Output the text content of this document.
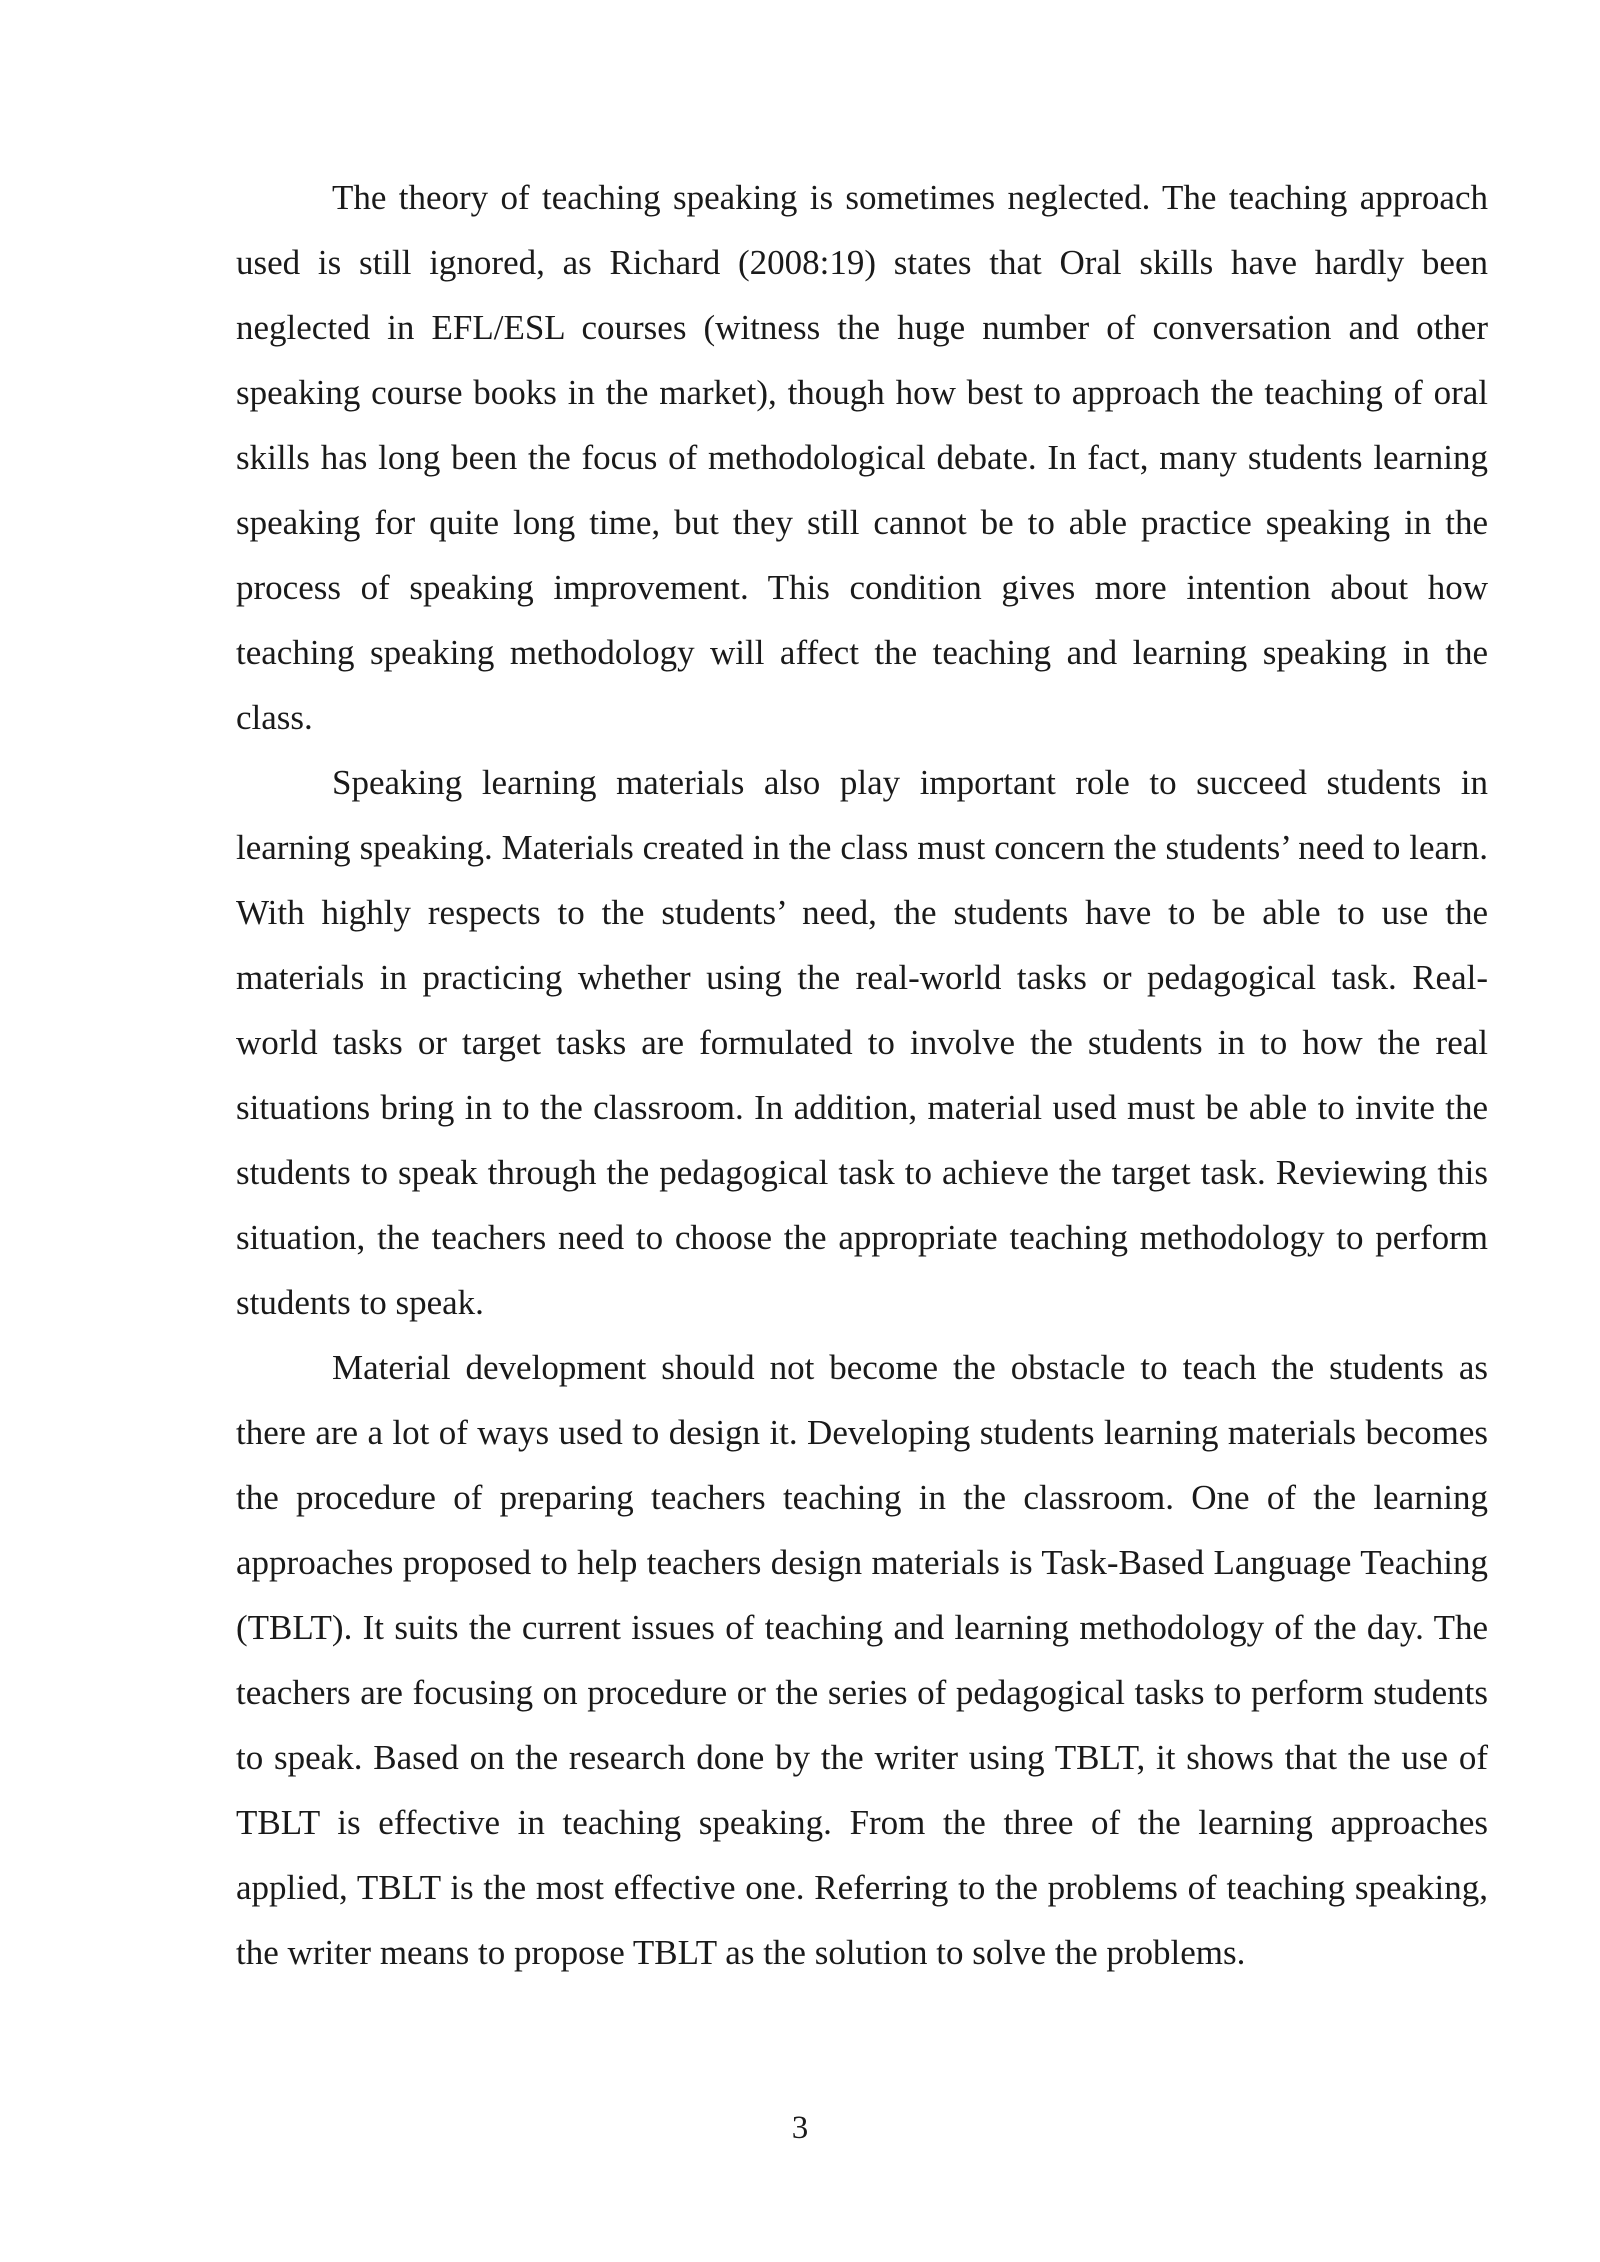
The theory of teaching speaking is sometimes neglected. The teaching approach used is still ignored, as Richard (2008:19) states that Oral skills have hardly been neglected in EFL/ESL courses (witness the huge number of conversation and other speaking course books in the market), though how best to approach the teaching of oral skills has long been the focus of methodological debate. In fact, many students learning speaking for quite long time, but they still cannot be to able practice speaking in the process of speaking improvement. This condition gives more intention about how teaching speaking methodology will affect the teaching and learning speaking in the class.

Speaking learning materials also play important role to succeed students in learning speaking. Materials created in the class must concern the students’ need to learn. With highly respects to the students’ need, the students have to be able to use the materials in practicing whether using the real-world tasks or pedagogical task. Real-world tasks or target tasks are formulated to involve the students in to how the real situations bring in to the classroom. In addition, material used must be able to invite the students to speak through the pedagogical task to achieve the target task. Reviewing this situation, the teachers need to choose the appropriate teaching methodology to perform students to speak.

Material development should not become the obstacle to teach the students as there are a lot of ways used to design it. Developing students learning materials becomes the procedure of preparing teachers teaching in the classroom. One of the learning approaches proposed to help teachers design materials is Task-Based Language Teaching (TBLT). It suits the current issues of teaching and learning methodology of the day. The teachers are focusing on procedure or the series of pedagogical tasks to perform students to speak. Based on the research done by the writer using TBLT, it shows that the use of TBLT is effective in teaching speaking. From the three of the learning approaches applied, TBLT is the most effective one. Referring to the problems of teaching speaking, the writer means to propose TBLT as the solution to solve the problems.

3
